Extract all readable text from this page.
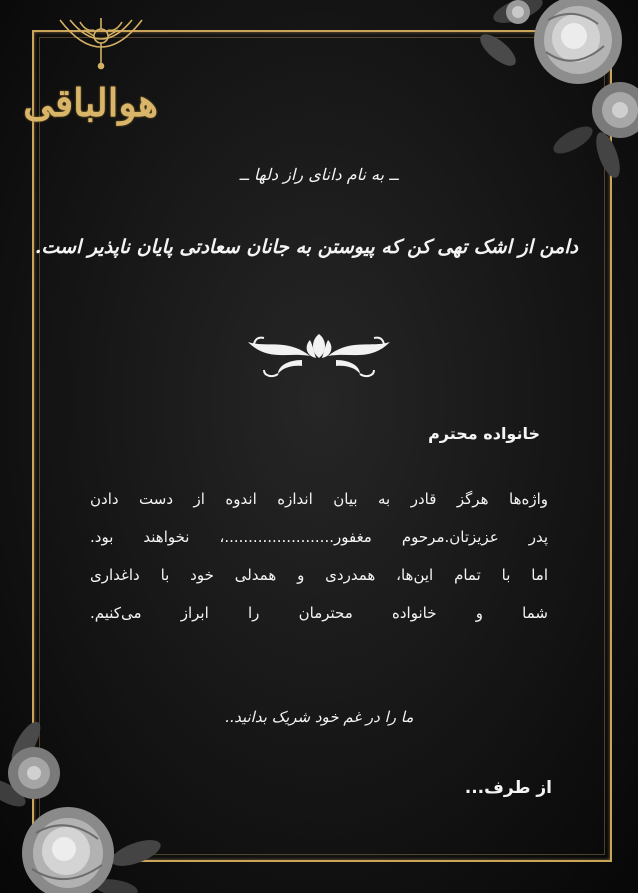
هوالباقی
ــ به نام دانای راز دلها ــ
دامن از اشک تهی کن که پیوستن به جانان سعادتی پایان ناپذیر است.
خانواده محترم

واژه‌ها هرگز قادر به بیان اندازه اندوه از دست دادن

پدر عزیزتان.مرحوم مغفور.......................، نخواهند بود.

اما با تمام این‌ها، همدردی و همدلی خود با داغداری

شما و خانواده محترمان را ابراز می‌کنیم.

ما را در غم خود شریک بدانید..
از طرف...
